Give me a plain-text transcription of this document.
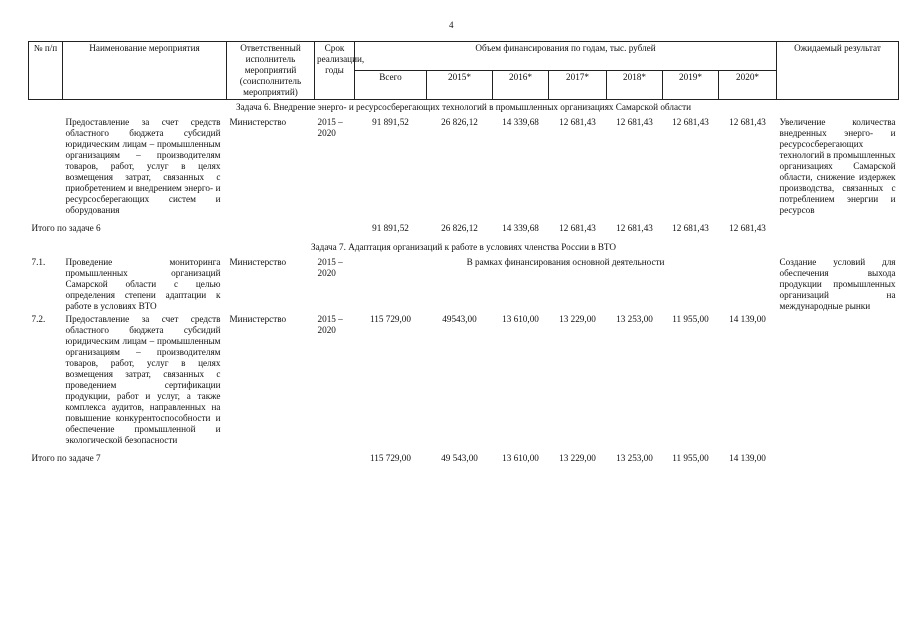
4
№ п/п	Наименование мероприятия	Ответственный исполнитель мероприятий (соисполнитель мероприятий)	Срок реализации, годы	Объем финансирования по годам, тыс. рублей							Ожидаемый результат
				Всего	2015*	2016*	2017*	2018*	2019*	2020*	
Задача 6. Внедрение энерго- и ресурсосберегающих технологий в промышленных организациях Самарской области											
	Предоставление за счет средств областного бюджета субсидий юридическим лицам – промышленным организациям – производителям товаров, работ, услуг в целях возмещения затрат, связанных с приобретением и внедрением энерго- и ресурсосберегающих систем и оборудования	Министерство	2015 – 2020	91 891,52	26 826,12	14 339,68	12 681,43	12 681,43	12 681,43	12 681,43	Увеличение количества внедренных энерго- и ресурсосберегающих технологий в промышленных организациях Самарской области, снижение издержек производства, связанных с потреблением энергии и ресурсов
Итого по задаче 6				91 891,52	26 826,12	14 339,68	12 681,43	12 681,43	12 681,43	12 681,43	
Задача 7. Адаптация организаций к работе в условиях членства России в ВТО											
7.1.	Проведение мониторинга промышленных организаций Самарской области с целью определения степени адаптации к работе в условиях ВТО	Министерство	2015 – 2020	В рамках финансирования основной деятельности							Создание условий для обеспечения выхода продукции промышленных организаций на международные рынки
7.2.	Предоставление за счет средств областного бюджета субсидий юридическим лицам – промышленным организациям – производителям товаров, работ, услуг в целях возмещения затрат, связанных с проведением сертификации продукции, работ и услуг, а также комплекса аудитов, направленных на повышение конкурентоспособности и обеспечение промышленной и экологической безопасности	Министерство	2015 – 2020	115 729,00	49543,00	13 610,00	13 229,00	13 253,00	11 955,00	14 139,00	
Итого по задаче 7				115 729,00	49 543,00	13 610,00	13 229,00	13 253,00	11 955,00	14 139,00	
